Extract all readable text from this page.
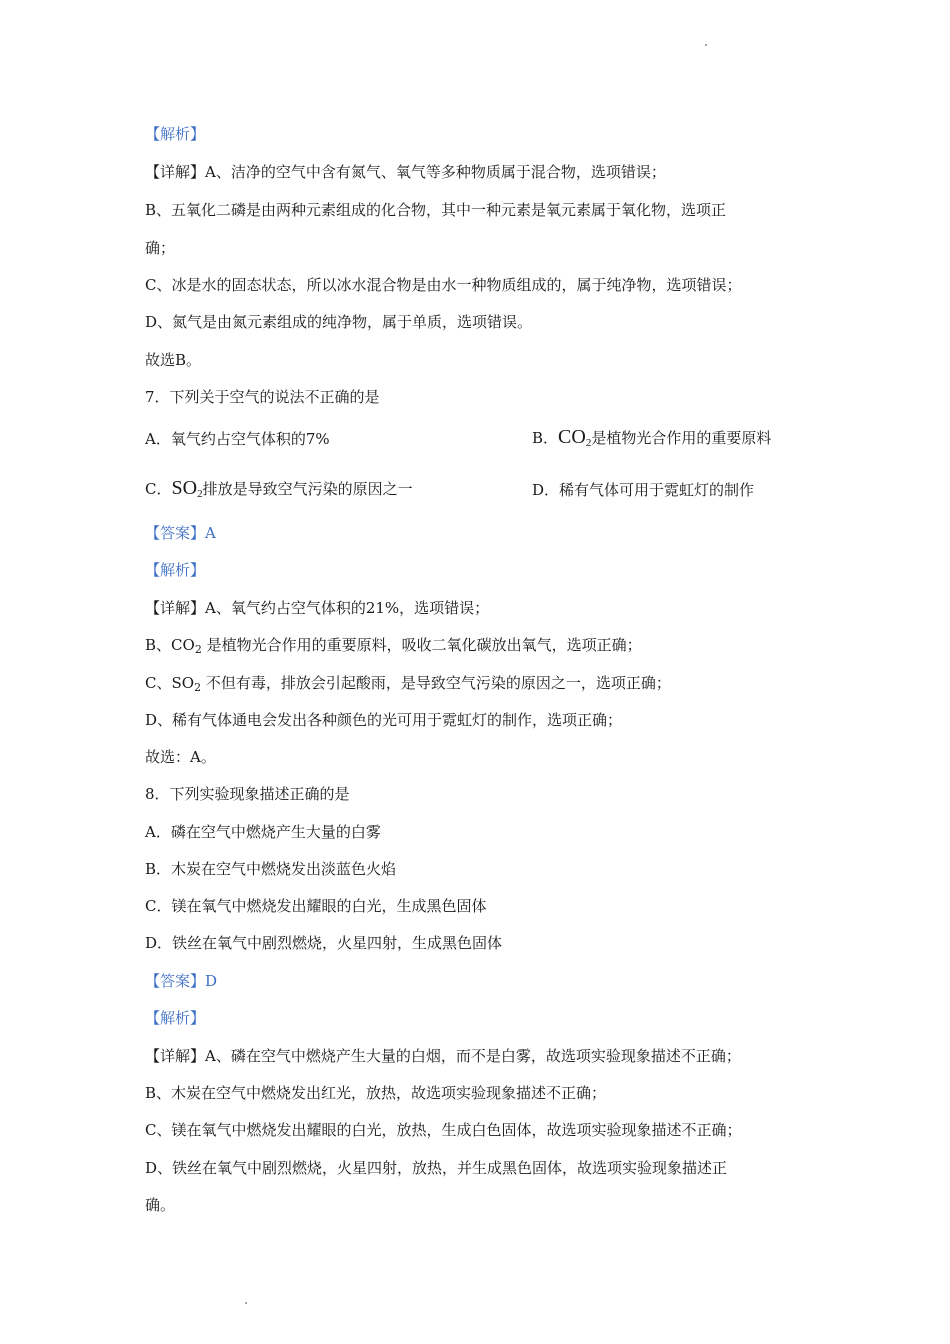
【解析】
【详解】A、洁净的空气中含有氮气、氧气等多种物质属于混合物，选项错误；
B、五氧化二磷是由两种元素组成的化合物，其中一种元素是氧元素属于氧化物，选项正
确；
C、冰是水的固态状态，所以冰水混合物是由水一种物质组成的，属于纯净物，选项错误；
D、氮气是由氮元素组成的纯净物，属于单质，选项错误。
故选B。
7．下列关于空气的说法不正确的是
A．氧气约占空气体积的7%	B．$CO_2$是植物光合作用的重要原料
C．$SO_2$排放是导致空气污染的原因之一	D．稀有气体可用于霓虹灯的制作
【答案】A
【解析】
【详解】A、氧气约占空气体积的21%，选项错误；
B、$CO_2$ 是植物光合作用的重要原料，吸收二氧化碳放出氧气，选项正确；
C、$SO_2$ 不但有毒，排放会引起酸雨，是导致空气污染的原因之一，选项正确；
D、稀有气体通电会发出各种颜色的光可用于霓虹灯的制作，选项正确；
故选：A。
8．下列实验现象描述正确的是
A．磷在空气中燃烧产生大量的白雾
B．木炭在空气中燃烧发出淡蓝色火焰
C．镁在氧气中燃烧发出耀眼的白光，生成黑色固体
D．铁丝在氧气中剧烈燃烧，火星四射，生成黑色固体
【答案】D
【解析】
【详解】A、磷在空气中燃烧产生大量的白烟，而不是白雾，故选项实验现象描述不正确；
B、木炭在空气中燃烧发出红光，放热，故选项实验现象描述不正确；
C、镁在氧气中燃烧发出耀眼的白光，放热，生成白色固体，故选项实验现象描述不正确；
D、铁丝在氧气中剧烈燃烧，火星四射，放热，并生成黑色固体，故选项实验现象描述正
确。
